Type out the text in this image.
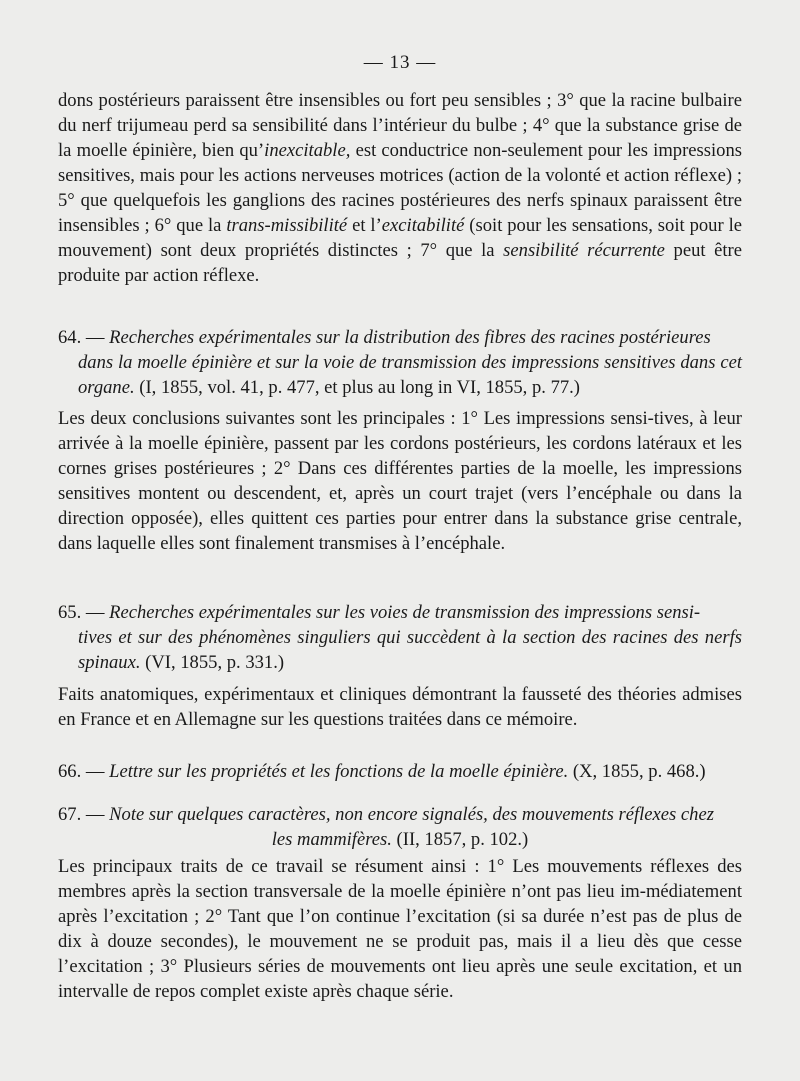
— 13 —

dons postérieurs paraissent être insensibles ou fort peu sensibles ; 3° que la racine bulbaire du nerf trijumeau perd sa sensibilité dans l’intérieur du bulbe ; 4° que la substance grise de la moelle épinière, bien qu’inexcitable, est conductrice non-seulement pour les impressions sensitives, mais pour les actions nerveuses motrices (action de la volonté et action réflexe) ; 5° que quelquefois les ganglions des racines postérieures des nerfs spinaux paraissent être insensibles ; 6° que la trans-missibilité et l’excitabilité (soit pour les sensations, soit pour le mouvement) sont deux propriétés distinctes ; 7° que la sensibilité récurrente peut être produite par action réflexe.

64. — Recherches expérimentales sur la distribution des fibres des racines postérieures
dans la moelle épinière et sur la voie de transmission des impressions sensitives dans cet organe. (I, 1855, vol. 41, p. 477, et plus au long in VI, 1855, p. 77.)

Les deux conclusions suivantes sont les principales : 1° Les impressions sensi-tives, à leur arrivée à la moelle épinière, passent par les cordons postérieurs, les cordons latéraux et les cornes grises postérieures ; 2° Dans ces différentes parties de la moelle, les impressions sensitives montent ou descendent, et, après un court trajet (vers l’encéphale ou dans la direction opposée), elles quittent ces parties pour entrer dans la substance grise centrale, dans laquelle elles sont finalement transmises à l’encéphale.

65. — Recherches expérimentales sur les voies de transmission des impressions sensi-
tives et sur des phénomènes singuliers qui succèdent à la section des racines des nerfs spinaux. (VI, 1855, p. 331.)

Faits anatomiques, expérimentaux et cliniques démontrant la fausseté des théories admises en France et en Allemagne sur les questions traitées dans ce mémoire.

66. — Lettre sur les propriétés et les fonctions de la moelle épinière. (X, 1855, p. 468.)

67. — Note sur quelques caractères, non encore signalés, des mouvements réflexes chez
les mammifères. (II, 1857, p. 102.)

Les principaux traits de ce travail se résument ainsi : 1° Les mouvements réflexes des membres après la section transversale de la moelle épinière n’ont pas lieu im-médiatement après l’excitation ; 2° Tant que l’on continue l’excitation (si sa durée n’est pas de plus de dix à douze secondes), le mouvement ne se produit pas, mais il a lieu dès que cesse l’excitation ; 3° Plusieurs séries de mouvements ont lieu après une seule excitation, et un intervalle de repos complet existe après chaque série.
